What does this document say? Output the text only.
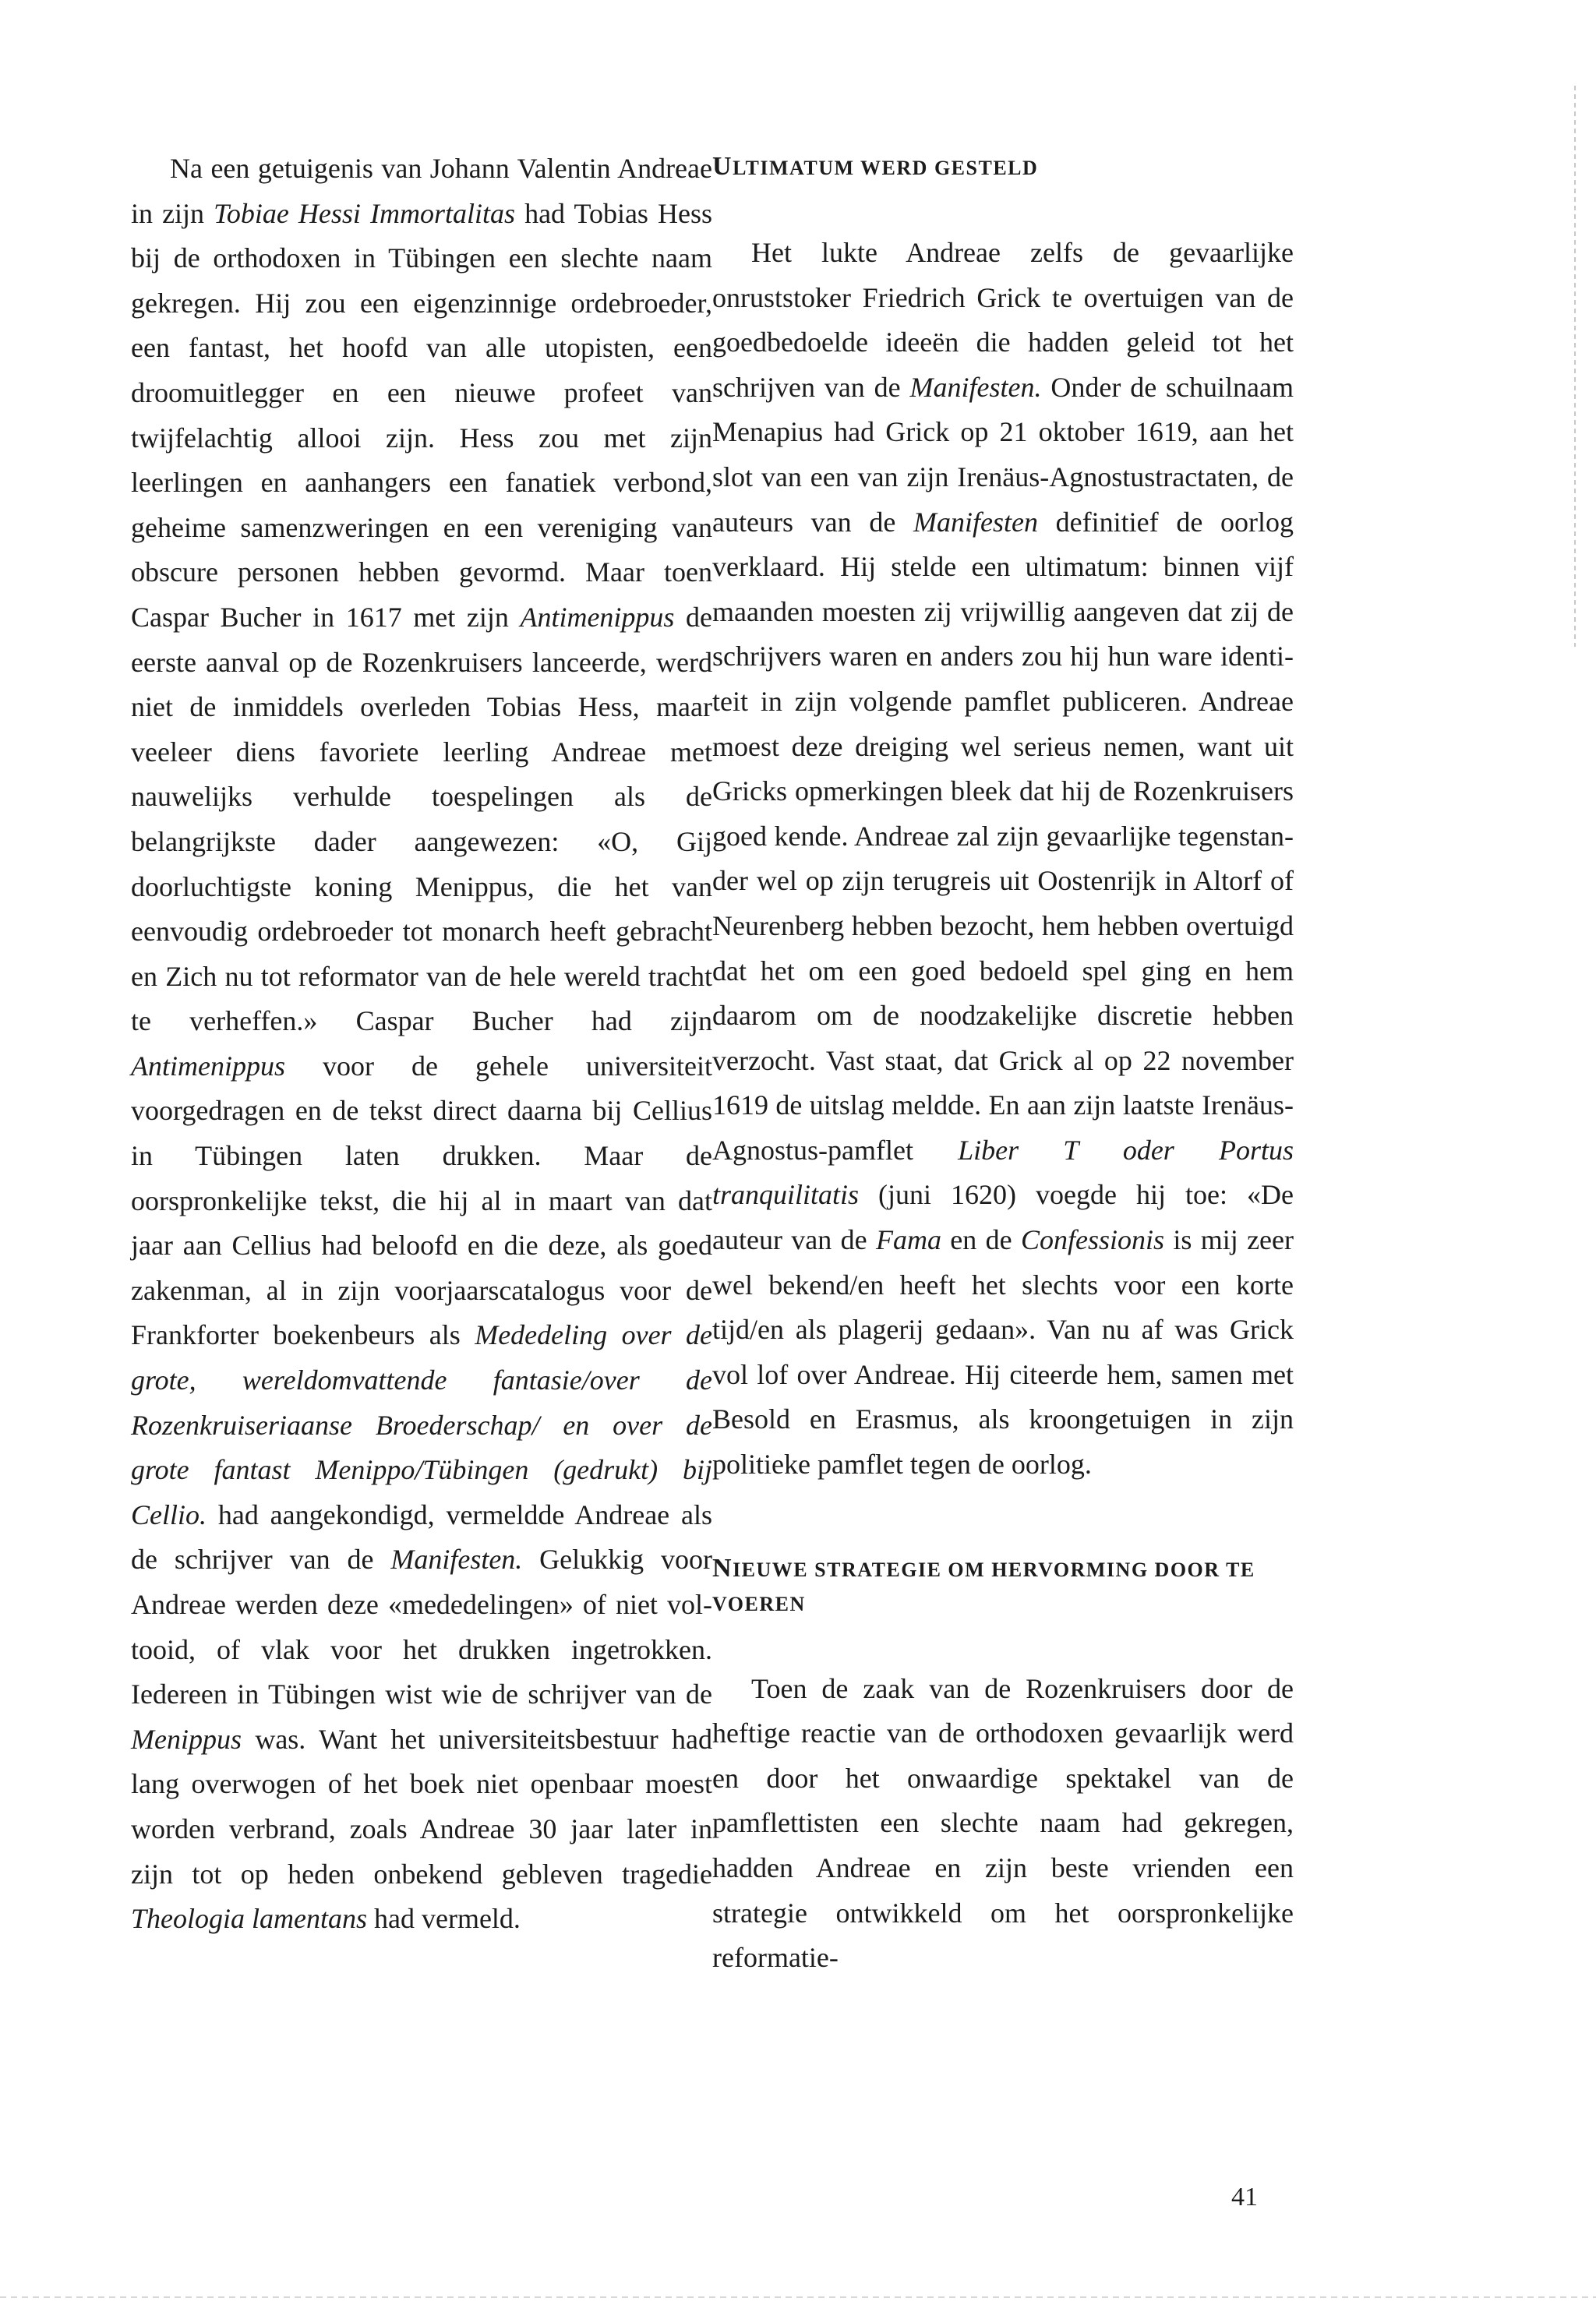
Na een getuigenis van Johann Valentin Andreae in zijn Tobiae Hessi Immortalitas had Tobias Hess bij de orthodoxen in Tübingen een slechte naam gekregen. Hij zou een eigenzinnige ordebroeder, een fantast, het hoofd van alle utopisten, een droomuitlegger en een nieuwe profeet van twijfelachtig allooi zijn. Hess zou met zijn leerlingen en aanhangers een fanatiek verbond, geheime samenzweringen en een vereniging van obscure personen hebben gevormd. Maar toen Caspar Bucher in 1617 met zijn Antimenippus de eerste aanval op de Rozenkruisers lanceerde, werd niet de inmiddels overleden Tobias Hess, maar veeleer diens favoriete leerling Andreae met nauwelijks verhulde toespelingen als de belangrijkste dader aangewezen: «O, Gij doorluchtigste koning Menippus, die het van eenvoudig ordebroeder tot monarch heeft gebracht en Zich nu tot reformator van de hele wereld tracht te verheffen.» Caspar Bucher had zijn Antimenippus voor de gehele universiteit voorgedragen en de tekst direct daarna bij Cellius in Tübingen laten drukken. Maar de oorspronkelijke tekst, die hij al in maart van dat jaar aan Cellius had beloofd en die deze, als goed zakenman, al in zijn voorjaarscatalogus voor de Frankforter boekenbeurs als Mededeling over de grote, wereldomvattende fantasie/over de Rozenkruiseriaanse Broederschap/ en over de grote fantast Menippo/Tübingen (gedrukt) bij Cellio. had aangekondigd, vermeldde Andreae als de schrijver van de Manifesten. Gelukkig voor Andreae werden deze «mededelingen» of niet voltooid, of vlak voor het drukken ingetrokken. Iedereen in Tübingen wist wie de schrijver van de Menippus was. Want het universiteitsbestuur had lang overwogen of het boek niet openbaar moest worden verbrand, zoals Andreae 30 jaar later in zijn tot op heden onbekend gebleven tragedie Theologia lamentans had vermeld.

ULTIMATUM WERD GESTELD

Het lukte Andreae zelfs de gevaarlijke onruststoker Friedrich Grick te overtuigen van de goedbedoelde ideeën die hadden geleid tot het schrijven van de Manifesten. Onder de schuilnaam Menapius had Grick op 21 oktober 1619, aan het slot van een van zijn Irenäus-Agnostustractaten, de auteurs van de Manifesten definitief de oorlog verklaard. Hij stelde een ultimatum: binnen vijf maanden moesten zij vrijwillig aangeven dat zij de schrijvers waren en anders zou hij hun ware identiteit in zijn volgende pamflet publiceren. Andreae moest deze dreiging wel serieus nemen, want uit Gricks opmerkingen bleek dat hij de Rozenkruisers goed kende. Andreae zal zijn gevaarlijke tegenstander wel op zijn terugreis uit Oostenrijk in Altorf of Neurenberg hebben bezocht, hem hebben overtuigd dat het om een goed bedoeld spel ging en hem daarom om de noodzakelijke discretie hebben verzocht. Vast staat, dat Grick al op 22 november 1619 de uitslag meldde. En aan zijn laatste Irenäus-Agnostus-pamflet Liber T oder Portus tranquilitatis (juni 1620) voegde hij toe: «De auteur van de Fama en de Confessionis is mij zeer wel bekend/en heeft het slechts voor een korte tijd/en als plagerij gedaan». Van nu af was Grick vol lof over Andreae. Hij citeerde hem, samen met Besold en Erasmus, als kroongetuigen in zijn politieke pamflet tegen de oorlog.

NIEUWE STRATEGIE OM HERVORMING DOOR TE VOEREN

Toen de zaak van de Rozenkruisers door de heftige reactie van de orthodoxen gevaarlijk werd en door het onwaardige spektakel van de pamflettisten een slechte naam had gekregen, hadden Andreae en zijn beste vrienden een strategie ontwikkeld om het oorspronkelijke reformatie-

41
